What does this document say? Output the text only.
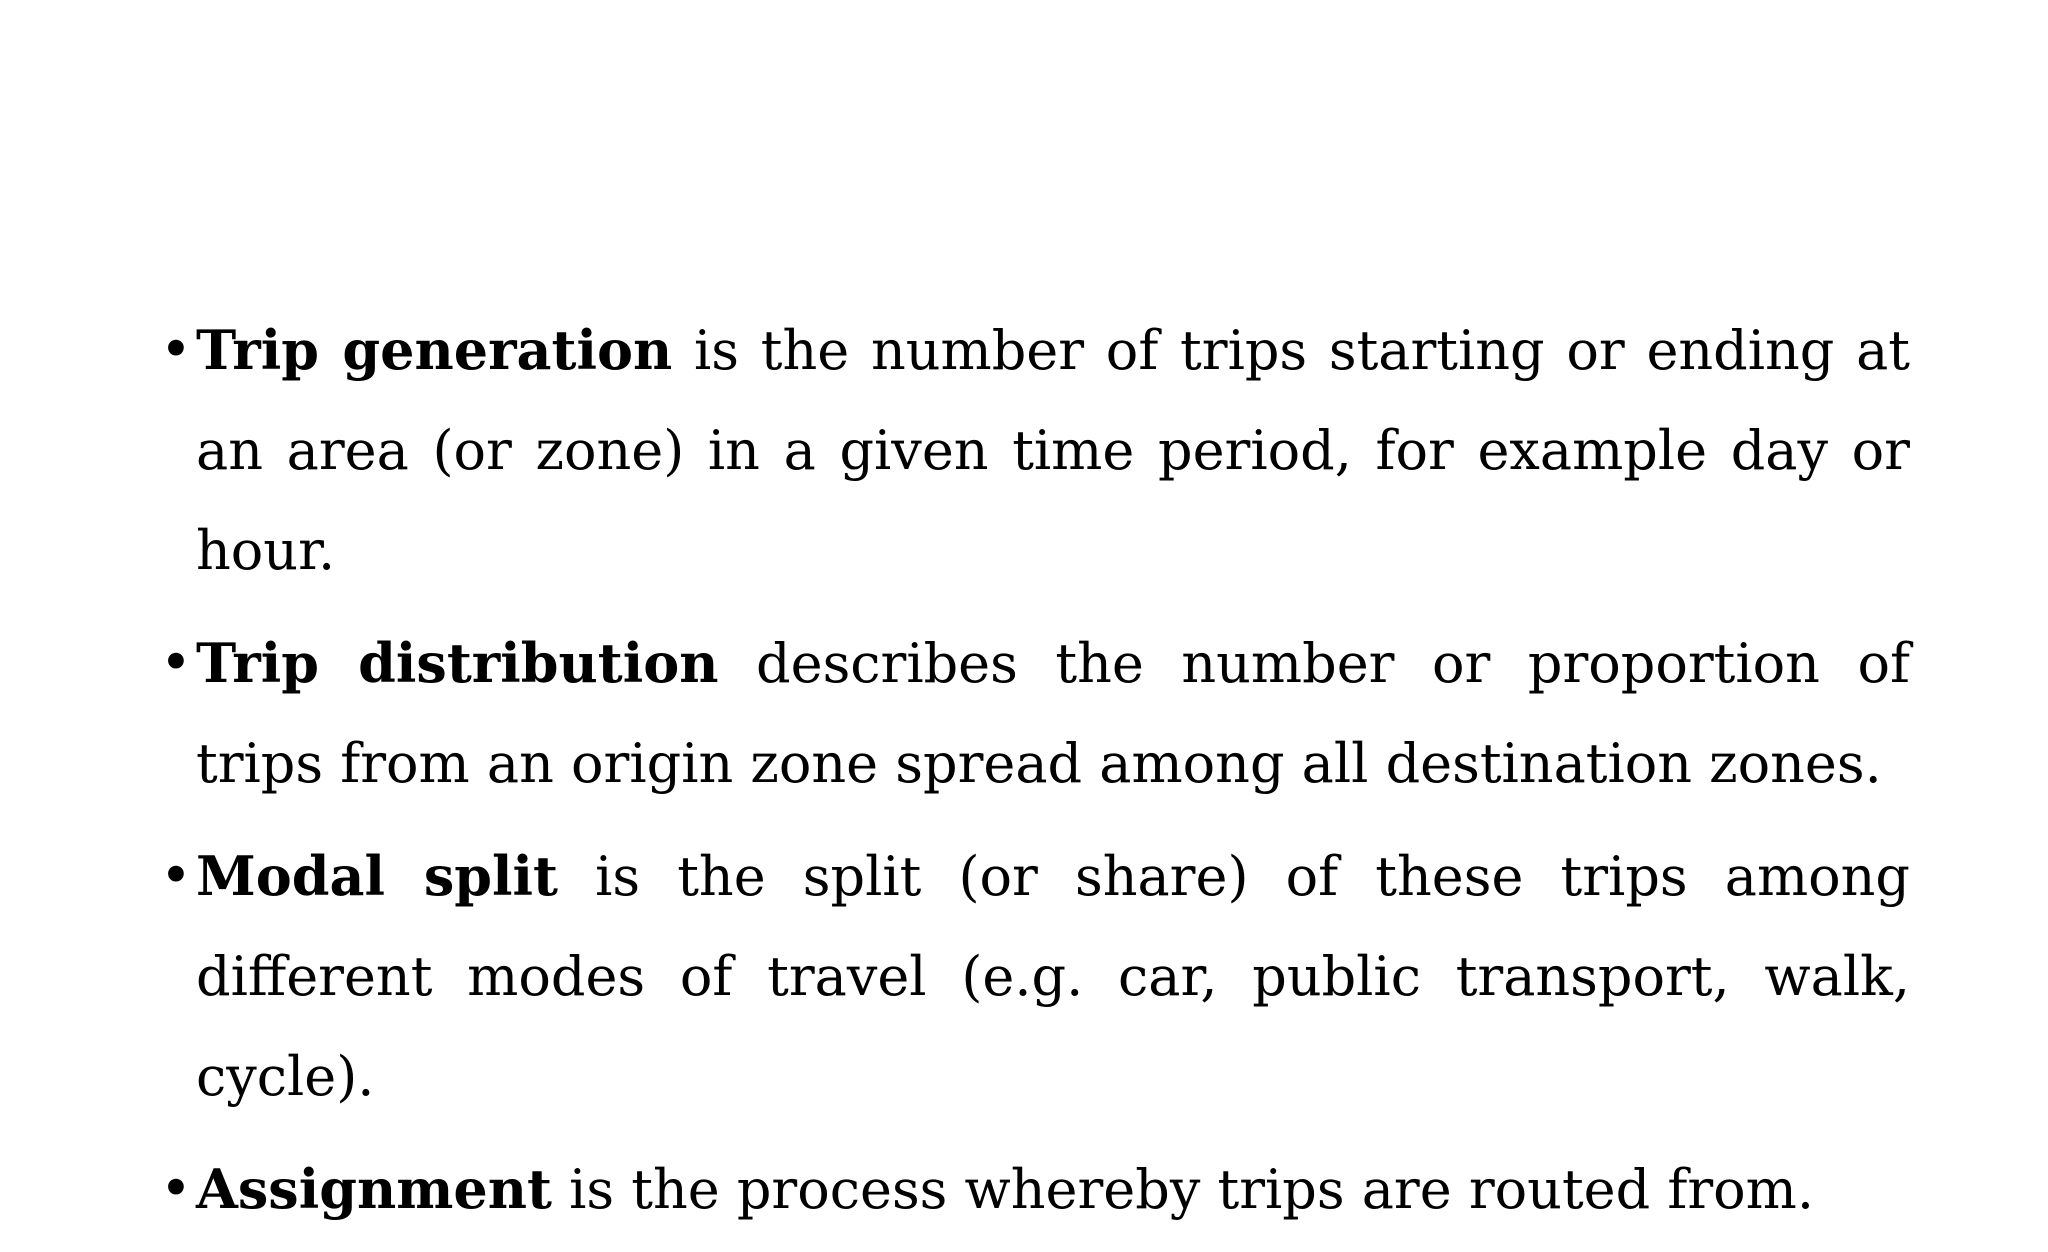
• Trip generation is the number of trips starting or ending at an area (or zone) in a given time period, for example day or hour.
• Trip distribution describes the number or proportion of trips from an origin zone spread among all destination zones.
• Modal split is the split (or share) of these trips among different modes of travel (e.g. car, public transport, walk, cycle).
• Assignment is the process whereby trips are routed from.
